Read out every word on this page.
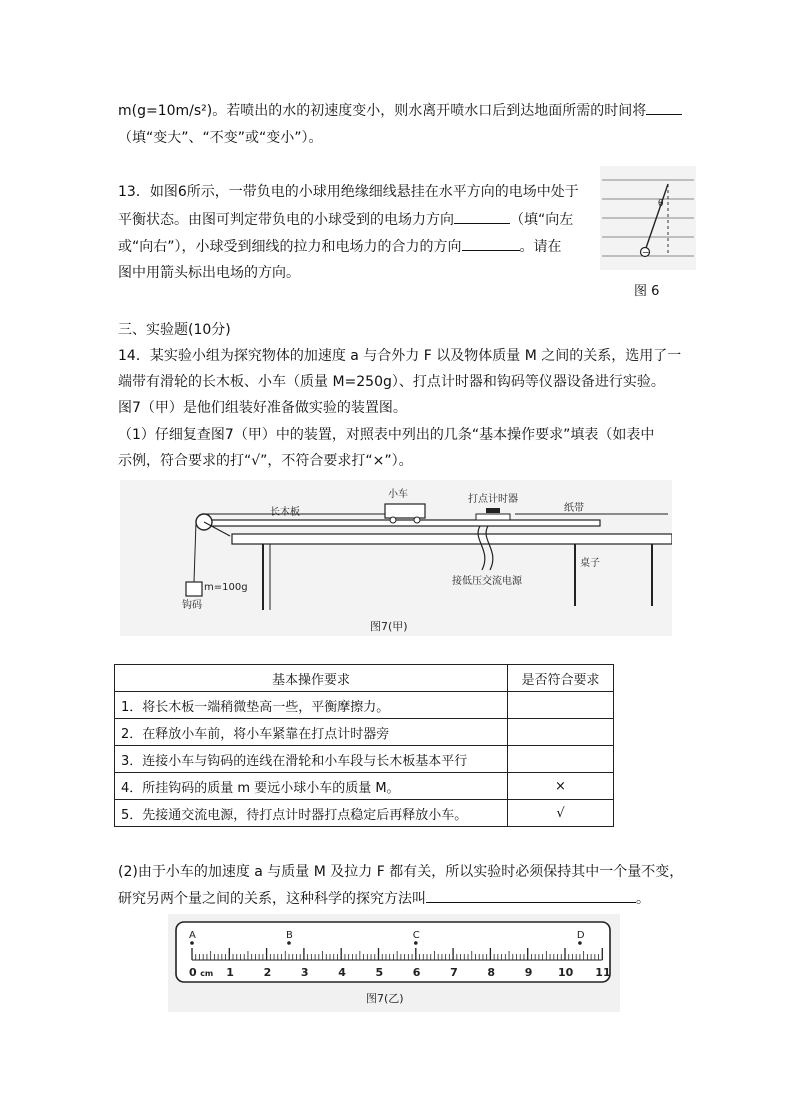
m(g=10m/s²)。若喷出的水的初速度变小，则水离开喷水口后到达地面所需的时间将
（填“变大”、“不变”或“变小”）。
13．如图6所示，一带负电的小球用绝缘细线悬挂在水平方向的电场中处于
平衡状态。由图可判定带负电的小球受到的电场力方向	（填“向左
或“向右”），小球受到细线的拉力和电场力的合力的方向	。请在
图中用箭头标出电场的方向。
−
θ
图 6
三、实验题(10分)
14．某实验小组为探究物体的加速度 a 与合外力 F 以及物体质量 M 之间的关系，选用了一
端带有滑轮的长木板、小车（质量 M=250g）、打点计时器和钩码等仪器设备进行实验。
图7（甲）是他们组装好准备做实验的装置图。
（1）仔细复查图7（甲）中的装置，对照表中列出的几条“基本操作要求”填表（如表中
示例，符合要求的打“√”，不符合要求打“×”）。
小车	打点计时器
纸带
长木板
桌子
接低压交流电源
m=100g
钩码
图7(甲)
基本操作要求	是否符合要求
1．将长木板一端稍微垫高一些，平衡摩擦力。	
2．在释放小车前，将小车紧靠在打点计时器旁	
3．连接小车与钩码的连线在滑轮和小车段与长木板基本平行	
4．所挂钩码的质量 m 要远小球小车的质量 M。	×
5．先接通交流电源，待打点计时器打点稳定后再释放小车。	√
(2)由于小车的加速度 a 与质量 M 及拉力 F 都有关，所以实验时必须保持其中一个量不变，
研究另两个量之间的关系，这种科学的探究方法叫	。
0 cm 1	2	3	4	5	6	7	8	9 10 11
A	B	C	D
图7(乙)
